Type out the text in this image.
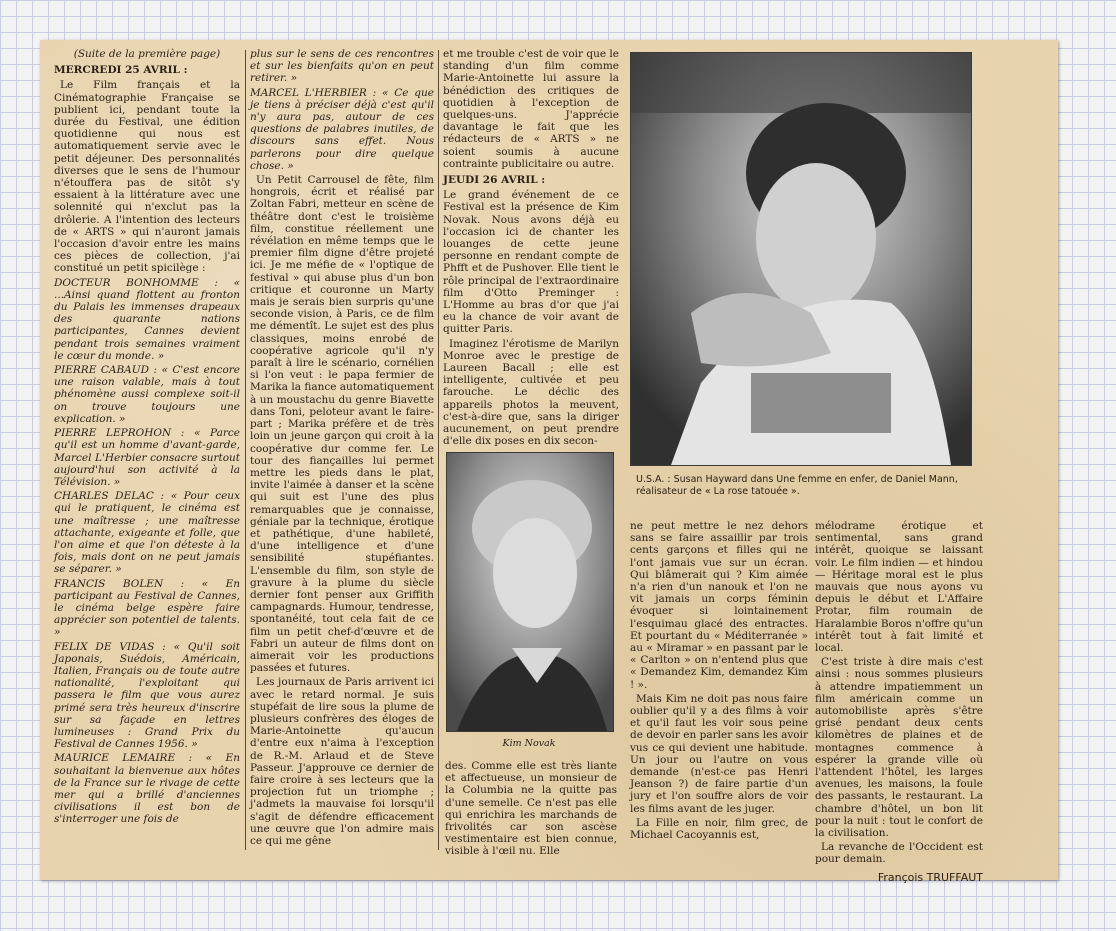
(Suite de la première page)

MERCREDI 25 AVRIL :

Le Film français et la Cinématographie Française se publient ici, pendant toute la durée du Festival, une édition quotidienne qui nous est automatiquement servie avec le petit déjeuner. Des personnalités diverses que le sens de l'humour n'étouffera pas de sitôt s'y essaient à la littérature avec une solennité qui n'exclut pas la drôlerie. A l'intention des lecteurs de « ARTS » qui n'auront jamais l'occasion d'avoir entre les mains ces pièces de collection, j'ai constitué un petit spicilège :

DOCTEUR BONHOMME : « ...Ainsi quand flottent au fronton du Palais les immenses drapeaux des quarante nations participantes, Cannes devient pendant trois semaines vraiment le cœur du monde. »

PIERRE CABAUD : « C'est encore une raison valable, mais à tout phénomène aussi complexe soit-il on trouve toujours une explication. »

PIERRE LEPROHON : « Parce qu'il est un homme d'avant-garde, Marcel L'Herbier consacre surtout aujourd'hui son activité à la Télévision. »

CHARLES DELAC : « Pour ceux qui le pratiquent, le cinéma est une maîtresse ; une maîtresse attachante, exigeante et folle, que l'on aime et que l'on déteste à la fois, mais dont on ne peut jamais se séparer. »

FRANCIS BOLEN : « En participant au Festival de Cannes, le cinéma belge espère faire apprécier son potentiel de talents. »

FELIX DE VIDAS : « Qu'il soit Japonais, Suédois, Américain, Italien, Français ou de toute autre nationalité, l'exploitant qui passera le film que vous aurez primé sera très heureux d'inscrire sur sa façade en lettres lumineuses : Grand Prix du Festival de Cannes 1956. »

MAURICE LEMAIRE : « En souhaitant la bienvenue aux hôtes de la France sur le rivage de cette mer qui a brillé d'anciennes civilisations il est bon de s'interroger une fois de

plus sur le sens de ces rencontres et sur les bienfaits qu'on en peut retirer. »

MARCEL L'HERBIER : « Ce que je tiens à préciser déjà c'est qu'il n'y aura pas, autour de ces questions de palabres inutiles, de discours sans effet. Nous parlerons pour dire quelque chose. »

Un Petit Carrousel de fête, film hongrois, écrit et réalisé par Zoltan Fabri, metteur en scène de théâtre dont c'est le troisième film, constitue réellement une révélation en même temps que le premier film digne d'être projeté ici. Je me méfie de « l'optique de festival » qui abuse plus d'un bon critique et couronne un Marty mais je serais bien surpris qu'une seconde vision, à Paris, ce de film me démentît. Le sujet est des plus classiques, moins enrobé de coopérative agricole qu'il n'y paraît à lire le scénario, cornélien si l'on veut : le papa fermier de Marika la fiance automatiquement à un moustachu du genre Biavette dans Toni, peloteur avant le faire-part ; Marika préfère et de très loin un jeune garçon qui croit à la coopérative dur comme fer. Le tour des fiançailles lui permet mettre les pieds dans le plat, invite l'aimée à danser et la scène qui suit est l'une des plus remarquables que je connaisse, géniale par la technique, érotique et pathétique, d'une habileté, d'une intelligence et d'une sensibilité stupéfiantes. L'ensemble du film, son style de gravure à la plume du siècle dernier font penser aux Griffith campagnards. Humour, tendresse, spontanéité, tout cela fait de ce film un petit chef-d'œuvre et de Fabri un auteur de films dont on aimerait voir les productions passées et futures.

Les journaux de Paris arrivent ici avec le retard normal. Je suis stupéfait de lire sous la plume de plusieurs confrères des éloges de Marie-Antoinette qu'aucun d'entre eux n'aima à l'exception de R.-M. Arlaud et de Steve Passeur. J'approuve ce dernier de faire croire à ses lecteurs que la projection fut un triomphe ; j'admets la mauvaise foi lorsqu'il s'agit de défendre efficacement une œuvre que l'on admire mais ce qui me gêne

et me trouble c'est de voir que le standing d'un film comme Marie-Antoinette lui assure la bénédiction des critiques de quotidien à l'exception de quelques-uns. J'apprécie davantage le fait que les rédacteurs de « ARTS » ne soient soumis à aucune contrainte publicitaire ou autre.

JEUDI 26 AVRIL :

Le grand événement de ce Festival est la présence de Kim Novak. Nous avons déjà eu l'occasion ici de chanter les louanges de cette jeune personne en rendant compte de Phfft et de Pushover. Elle tient le rôle principal de l'extraordinaire film d'Otto Preminger : L'Homme au bras d'or que j'ai eu la chance de voir avant de quitter Paris.

Imaginez l'érotisme de Marilyn Monroe avec le prestige de Laureen Bacall ; elle est intelligente, cultivée et peu farouche. Le déclic des appareils photos la meuvent, c'est-à-dire que, sans la diriger aucunement, on peut prendre d'elle dix poses en dix secon-

U.S.A. : Susan Hayward dans Une femme en enfer, de Daniel Mann, réalisateur de « La rose tatouée ».
Kim Novak

des. Comme elle est très liante et affectueuse, un monsieur de la Columbia ne la quitte pas d'une semelle. Ce n'est pas elle qui enrichira les marchands de frivolités car son ascèse vestimentaire est bien connue, visible à l'œil nu. Elle

ne peut mettre le nez dehors sans se faire assaillir par trois cents garçons et filles qui ne l'ont jamais vue sur un écran. Qui blâmerait qui ? Kim aimée n'a rien d'un nanouk et l'on ne vit jamais un corps féminin évoquer si lointainement l'esquimau glacé des entractes. Et pourtant du « Méditerranée » au « Miramar » en passant par le « Carlton » on n'entend plus que « Demandez Kim, demandez Kim ! ».

Mais Kim ne doit pas nous faire oublier qu'il y a des films à voir et qu'il faut les voir sous peine de devoir en parler sans les avoir vus ce qui devient une habitude. Un jour ou l'autre on vous demande (n'est-ce pas Henri Jeanson ?) de faire partie d'un jury et l'on souffre alors de voir les films avant de les juger.

La Fille en noir, film grec, de Michael Cacoyannis est,

mélodrame érotique et sentimental, sans grand intérêt, quoique se laissant voir. Le film indien — et hindou — Héritage moral est le plus mauvais que nous ayons vu depuis le début et L'Affaire Protar, film roumain de Haralambie Boros n'offre qu'un intérêt tout à fait limité et local.

C'est triste à dire mais c'est ainsi : nous sommes plusieurs à attendre impatiemment un film américain comme un automobiliste après s'être grisé pendant deux cents kilomètres de plaines et de montagnes commence à espérer la grande ville où l'attendent l'hôtel, les larges avenues, les maisons, la foule des passants, le restaurant. La chambre d'hôtel, un bon lit pour la nuit : tout le confort de la civilisation.

La revanche de l'Occident est pour demain.

François TRUFFAUT
